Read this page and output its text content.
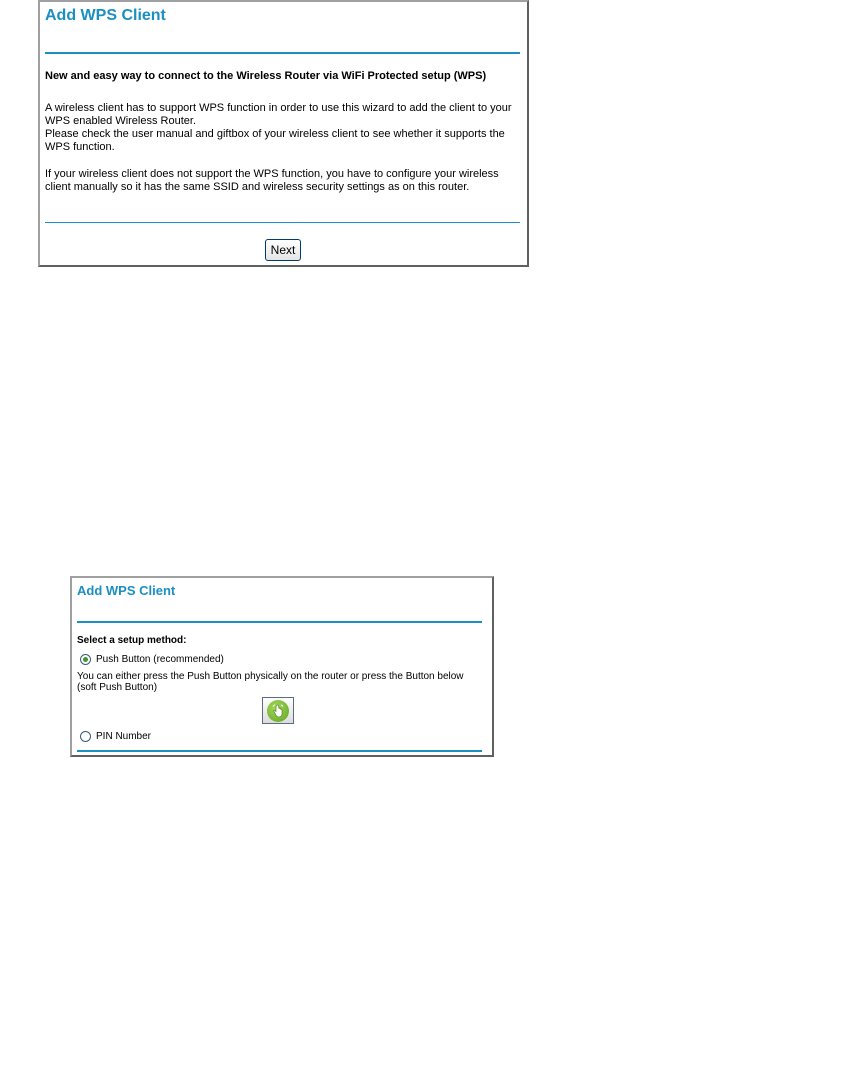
Add WPS Client
New and easy way to connect to the Wireless Router via WiFi Protected setup (WPS)
A wireless client has to support WPS function in order to use this wizard to add the client to your WPS enabled Wireless Router.
Please check the user manual and giftbox of your wireless client to see whether it supports the WPS function.
If your wireless client does not support the WPS function, you have to configure your wireless client manually so it has the same SSID and wireless security settings as on this router.
Next
Add WPS Client
Select a setup method:
Push Button (recommended)
You can either press the Push Button physically on the router or press the Button below (soft Push Button)
PIN Number
